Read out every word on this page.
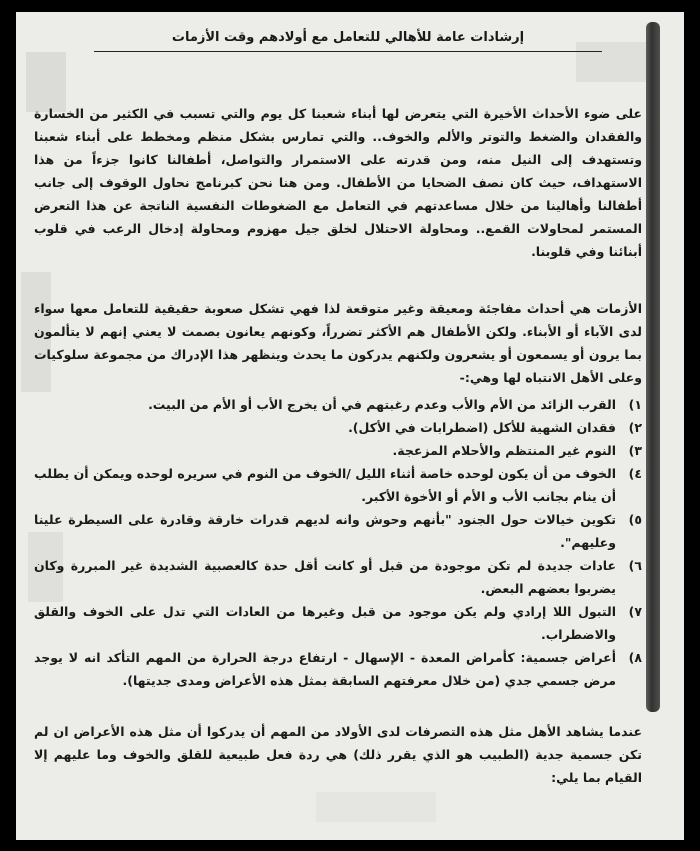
إرشادات عامة للأهالي للتعامل مع أولادهم وقت الأزمات

على ضوء الأحداث الأخيرة التي يتعرض لها أبناء شعبنا كل يوم والتي تسبب في الكثير من الخسارة والفقدان والضغط والتوتر والألم والخوف.. والتي تمارس بشكل منظم ومخطط على أبناء شعبنا وتستهدف إلى النيل منه، ومن قدرته على الاستمرار والتواصل، أطفالنا كانوا جزءاً من هذا الاستهداف، حيث كان نصف الضحايا من الأطفال. ومن هنا نحن كبرنامج نحاول الوقوف إلى جانب أطفالنا وأهالينا من خلال مساعدتهم في التعامل مع الضغوطات النفسية الناتجة عن هذا التعرض المستمر لمحاولات القمع.. ومحاولة الاحتلال لخلق جيل مهزوم ومحاولة إدخال الرعب في قلوب أبنائنا وفي قلوبنا.

الأزمات هي أحداث مفاجئة ومعيقة وغير متوقعة لذا فهي تشكل صعوبة حقيقية للتعامل معها سواء لدى الآباء أو الأبناء. ولكن الأطفال هم الأكثر تضرراً، وكونهم يعانون بصمت لا يعني إنهم لا يتألمون بما يرون أو يسمعون أو يشعرون ولكنهم يدركون ما يحدث وينظهر هذا الإدراك من مجموعة سلوكيات وعلى الأهل الانتباه لها وهي:-

١)
القرب الزائد من الأم والأب وعدم رغبتهم في أن يخرج الأب أو الأم من البيت.
٢)
فقدان الشهية للأكل (اضطرابات في الأكل).
٣)
النوم غير المنتظم والأحلام المزعجة.
٤)
الخوف من أن يكون لوحده خاصة أثناء الليل /الخوف من النوم في سريره لوحده ويمكن أن يطلب أن ينام بجانب الأب و الأم أو الأخوة الأكبر.
٥)
تكوين خيالات حول الجنود "بأنهم وحوش وانه لديهم قدرات خارقة وقادرة على السيطرة علينا وعليهم".
٦)
عادات جديدة لم تكن موجودة من قبل أو كانت أقل حدة كالعصبية الشديدة غير المبررة وكان يضربوا بعضهم البعض.
٧)
التبول اللا إرادي ولم يكن موجود من قبل وغيرها من العادات التي تدل على الخوف والقلق والاضطراب.
٨)
أعراض جسمية: كأمراض المعدة - الإسهال - ارتفاع درجة الحرارة من المهم التأكد انه لا يوجد مرض جسمي جدي (من خلال معرفتهم السابقة بمثل هذه الأعراض ومدى جديتها).

عندما يشاهد الأهل مثل هذه التصرفات لدى الأولاد من المهم أن يدركوا أن مثل هذه الأعراض ان لم تكن جسمية جدية (الطبيب هو الذي يقرر ذلك) هي ردة فعل طبيعية للقلق والخوف وما عليهم إلا القيام بما يلي:
